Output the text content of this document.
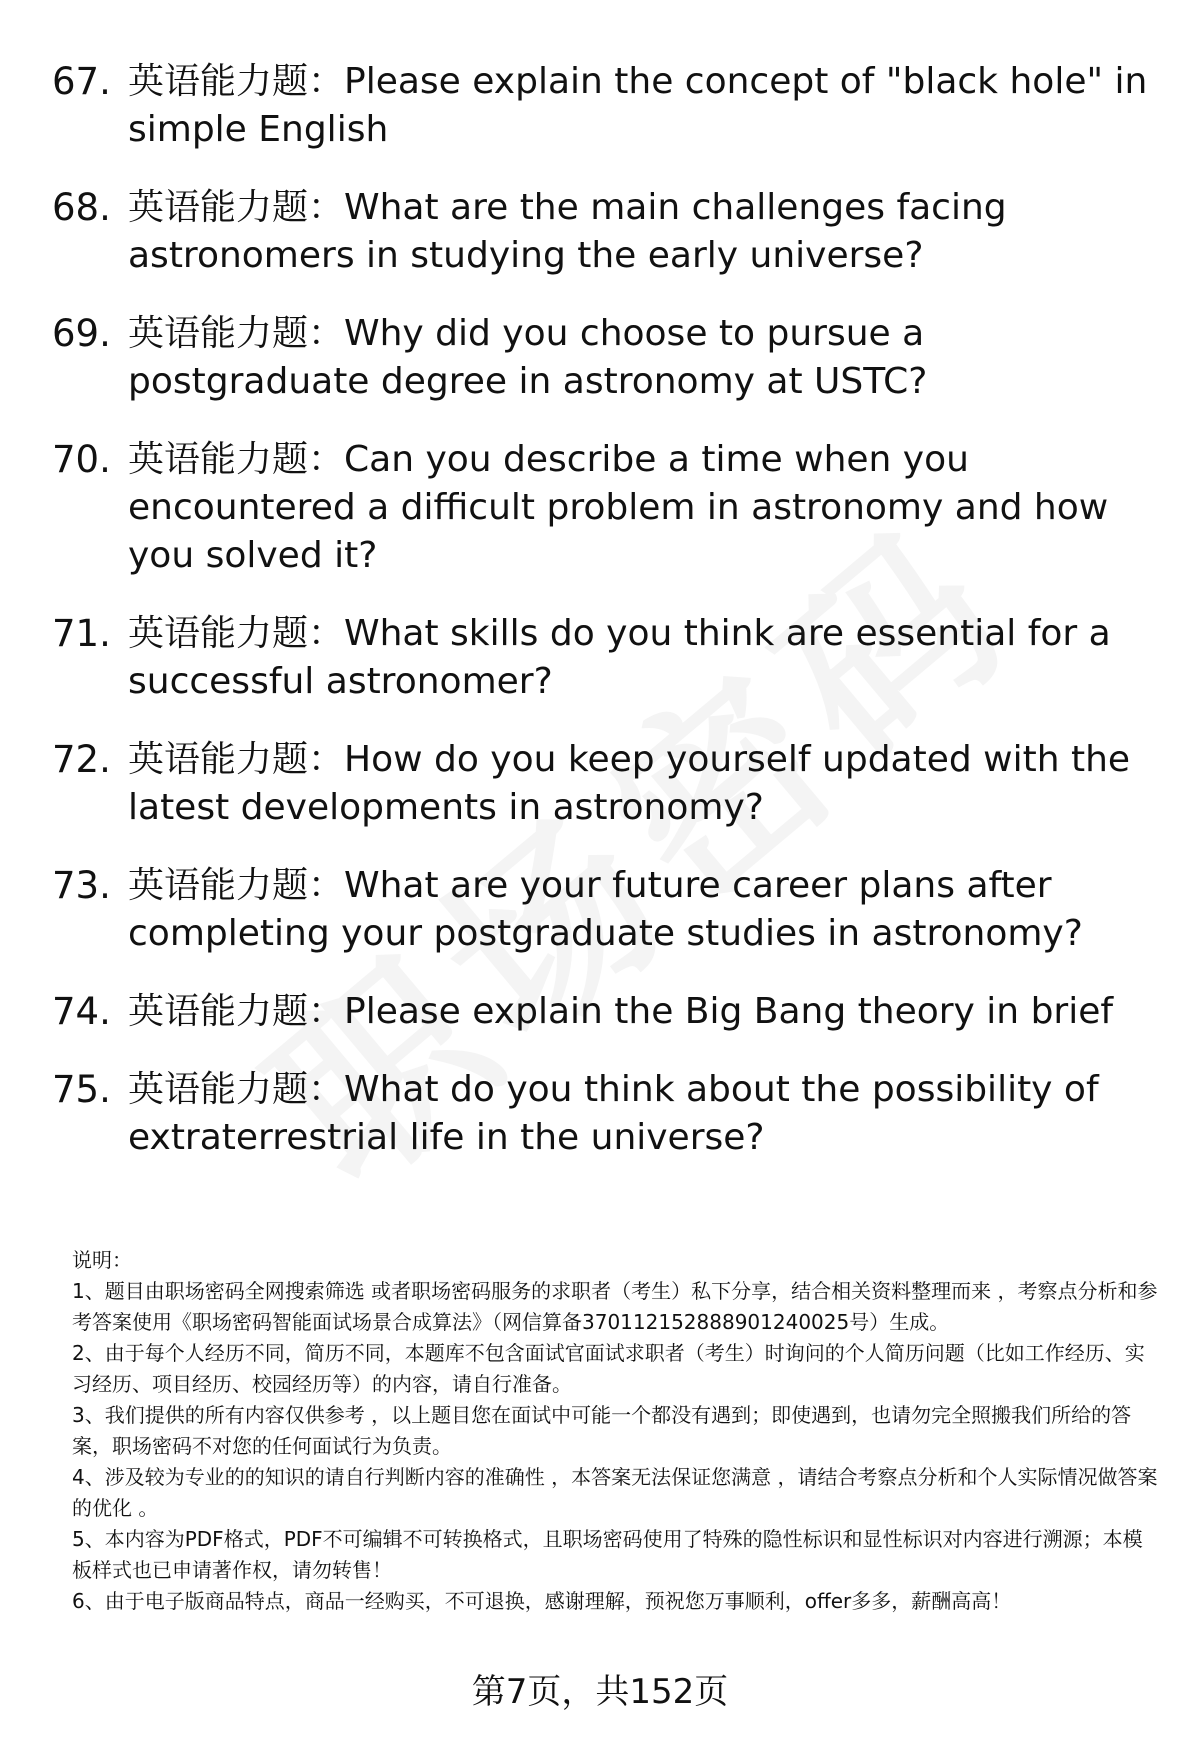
67. 英语能力题：Please explain the concept of "black hole" in simple English
68. 英语能力题：What are the main challenges facing astronomers in studying the early universe?
69. 英语能力题：Why did you choose to pursue a postgraduate degree in astronomy at USTC?
70. 英语能力题：Can you describe a time when you encountered a difficult problem in astronomy and how you solved it?
71. 英语能力题：What skills do you think are essential for a successful astronomer?
72. 英语能力题：How do you keep yourself updated with the latest developments in astronomy?
73. 英语能力题：What are your future career plans after completing your postgraduate studies in astronomy?
74. 英语能力题：Please explain the Big Bang theory in brief
75. 英语能力题：What do you think about the possibility of extraterrestrial life in the universe?

说明：

1、题目由职场密码全网搜索筛选 或者职场密码服务的求职者（考生）私下分享，结合相关资料整理而来 ，考察点分析和参考答案使用《职场密码智能面试场景合成算法》（网信算备370112152888901240025号）生成。

2、由于每个人经历不同，简历不同，本题库不包含面试官面试求职者（考生）时询问的个人简历问题（比如工作经历、实习经历、项目经历、校园经历等）的内容，请自行准备。

3、我们提供的所有内容仅供参考 ，以上题目您在面试中可能一个都没有遇到；即使遇到，也请勿完全照搬我们所给的答案，职场密码不对您的任何面试行为负责。

4、涉及较为专业的的知识的请自行判断内容的准确性 ，本答案无法保证您满意 ，请结合考察点分析和个人实际情况做答案的优化 。

5、本内容为PDF格式，PDF不可编辑不可转换格式，且职场密码使用了特殊的隐性标识和显性标识对内容进行溯源；本模板样式也已申请著作权，请勿转售！

6、由于电子版商品特点，商品一经购买，不可退换，感谢理解，预祝您万事顺利，offer多多，薪酬高高！

第7页，共152页
